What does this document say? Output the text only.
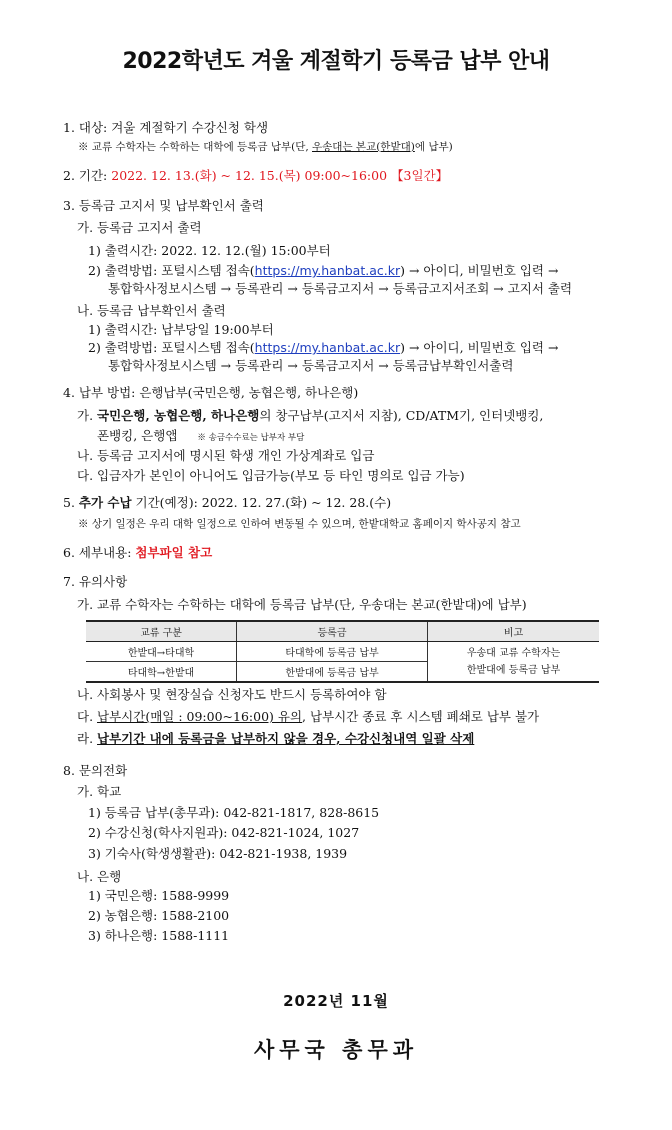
2022학년도 겨울 계절학기 등록금 납부 안내
1. 대상: 겨울 계절학기 수강신청 학생
※ 교류 수학자는 수학하는 대학에 등록금 납부(단, 우송대는 본교(한밭대)에 납부)
2. 기간: 2022. 12. 13.(화) ~ 12. 15.(목) 09:00~16:00 【3일간】
3. 등록금 고지서 및 납부확인서 출력
가. 등록금 고지서 출력
1) 출력시간: 2022. 12. 12.(월) 15:00부터
2) 출력방법: 포털시스템 접속(https://my.hanbat.ac.kr) → 아이디, 비밀번호 입력 →
통합학사정보시스템 → 등록관리 → 등록금고지서 → 등록금고지서조회 → 고지서 출력
나. 등록금 납부확인서 출력
1) 출력시간: 납부당일 19:00부터
2) 출력방법: 포털시스템 접속(https://my.hanbat.ac.kr) → 아이디, 비밀번호 입력 →
통합학사정보시스템 → 등록관리 → 등록금고지서 → 등록금납부확인서출력
4. 납부 방법: 은행납부(국민은행, 농협은행, 하나은행)
가. 국민은행, 농협은행, 하나은행의 창구납부(고지서 지참), CD/ATM기, 인터넷뱅킹,
폰뱅킹, 은행앱 ※ 송금수수료는 납부자 부담
나. 등록금 고지서에 명시된 학생 개인 가상계좌로 입금
다. 입금자가 본인이 아니어도 입금가능(부모 등 타인 명의로 입금 가능)
5. 추가 수납 기간(예정): 2022. 12. 27.(화) ~ 12. 28.(수)
※ 상기 일정은 우리 대학 일정으로 인하여 변동될 수 있으며, 한밭대학교 홈페이지 학사공지 참고
6. 세부내용: 첨부파일 참고
7. 유의사항
가. 교류 수학자는 수학하는 대학에 등록금 납부(단, 우송대는 본교(한밭대)에 납부)
교류 구분	등록금	비고
한밭대→타대학	타대학에 등록금 납부	우송대 교류 수학자는
한밭대에 등록금 납부
타대학→한밭대	한밭대에 등록금 납부	
나. 사회봉사 및 현장실습 신청자도 반드시 등록하여야 함
다. 납부시간(매일 : 09:00~16:00) 유의, 납부시간 종료 후 시스템 폐쇄로 납부 불가
라. 납부기간 내에 등록금을 납부하지 않을 경우, 수강신청내역 일괄 삭제
8. 문의전화
가. 학교
1) 등록금 납부(총무과): 042-821-1817, 828-8615
2) 수강신청(학사지원과): 042-821-1024, 1027
3) 기숙사(학생생활관): 042-821-1938, 1939
나. 은행
1) 국민은행: 1588-9999
2) 농협은행: 1588-2100
3) 하나은행: 1588-1111
2022년 11월
사무국 총무과
